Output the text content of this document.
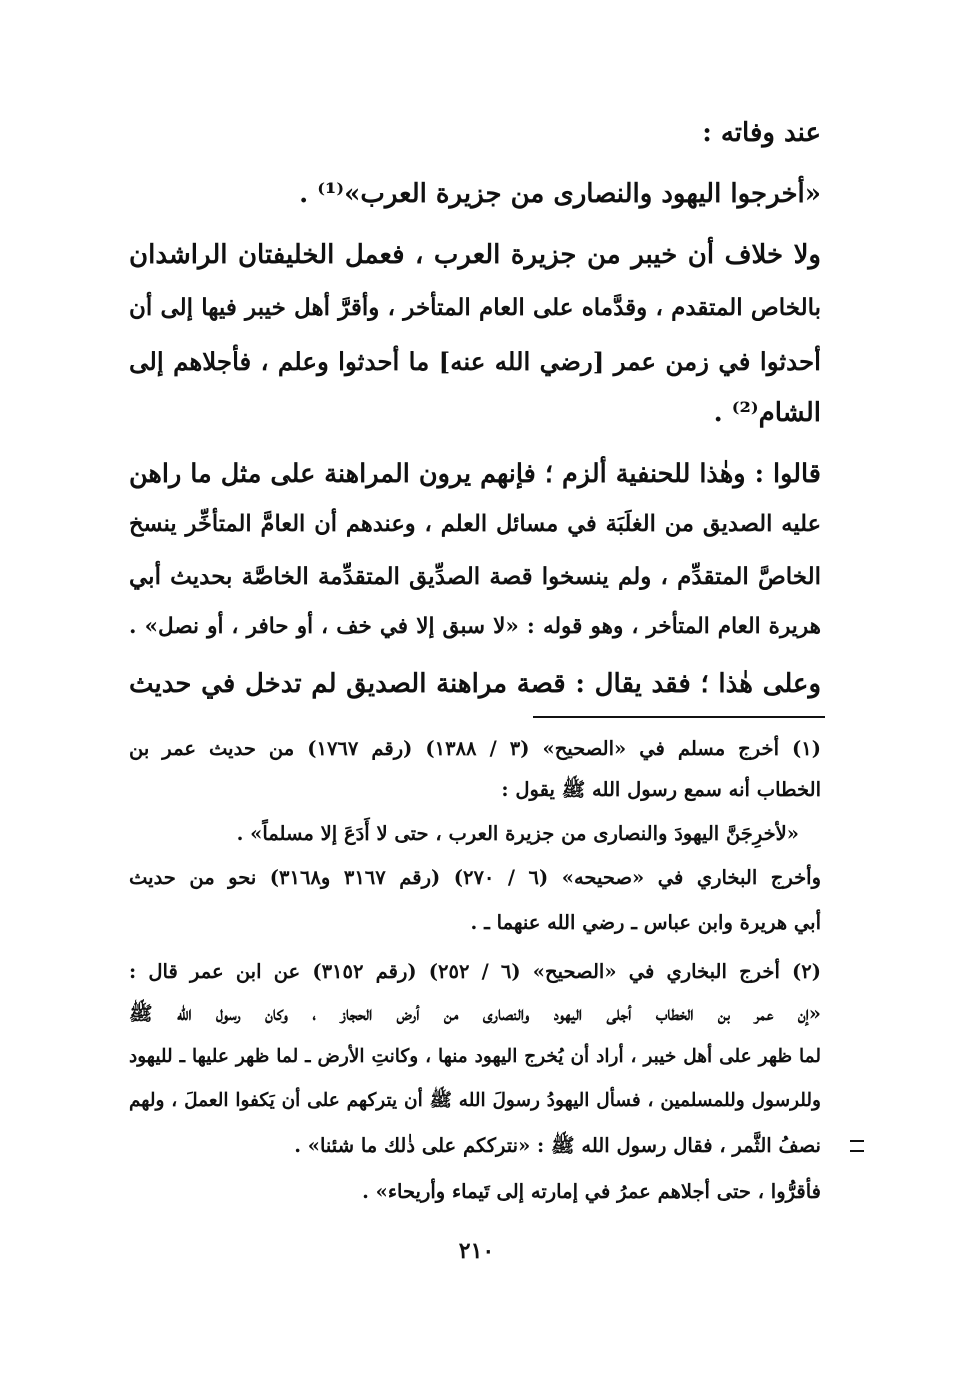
عند وفاته :
«أخرجوا اليهود والنصارى من جزيرة العرب»⁽¹⁾ .
ولا خلاف أن خيبر من جزيرة العرب ، فعمل الخليفتان الراشدان
بالخاص المتقدم ، وقدَّماه على العام المتأخر ، وأقرَّ أهل خيبر فيها إلى أن
أحدثوا في زمن عمر [رضي الله عنه] ما أحدثوا وعلم ، فأجلاهم إلى
الشام⁽²⁾ .
قالوا : وهٰذا للحنفية ألزم ؛ فإنهم يرون المراهنة على مثل ما راهن
عليه الصديق من الغلَبَة في مسائل العلم ، وعندهم أن العامَّ المتأخِّر ينسخ
الخاصَّ المتقدِّم ، ولم ينسخوا قصة الصدِّيق المتقدِّمة الخاصَّة بحديث أبي
هريرة العام المتأخر ، وهو قوله : «لا سبق إلا في خف ، أو حافر ، أو نصل» .
وعلى هٰذا ؛ فقد يقال : قصة مراهنة الصديق لم تدخل في حديث
(١) أخرج مسلم في «الصحيح» (٣ / ١٣٨٨) (رقم ١٧٦٧) من حديث عمر بن
الخطاب أنه سمع رسول الله ﷺ يقول :
«لأخرِجَنَّ اليهودَ والنصارى من جزيرة العرب ، حتى لا أَدَعَ إلا مسلماً» .
وأخرج البخاري في «صحيحه» (٦ / ٢٧٠) (رقم ٣١٦٧ و٣١٦٨) نحو من حديث
أبي هريرة وابن عباس ـ رضي الله عنهما ـ .
(٢) أخرج البخاري في «الصحيح» (٦ / ٢٥٢) (رقم ٣١٥٢) عن ابن عمر قال :
«إن عمر بن الخطاب أجلى اليهود والنصارى من أرض الحجاز ، وكان رسول الله ﷺ
لما ظهر على أهل خيبر ، أراد أن يُخرج اليهود منها ، وكانتِ الأرض ـ لما ظهر عليها ـ لليهود
وللرسول وللمسلمين ، فسأل اليهودُ رسولَ الله ﷺ أن يتركهم على أن يَكفوا العملَ ، ولهم
نصفُ الثَّمر ، فقال رسول الله ﷺ : «نترككم على ذٰلك ما شئنا» .
فأقرُّوا ، حتى أجلاهم عمرُ في إمارته إلى تَيماء وأريحاء» .
٢١٠
